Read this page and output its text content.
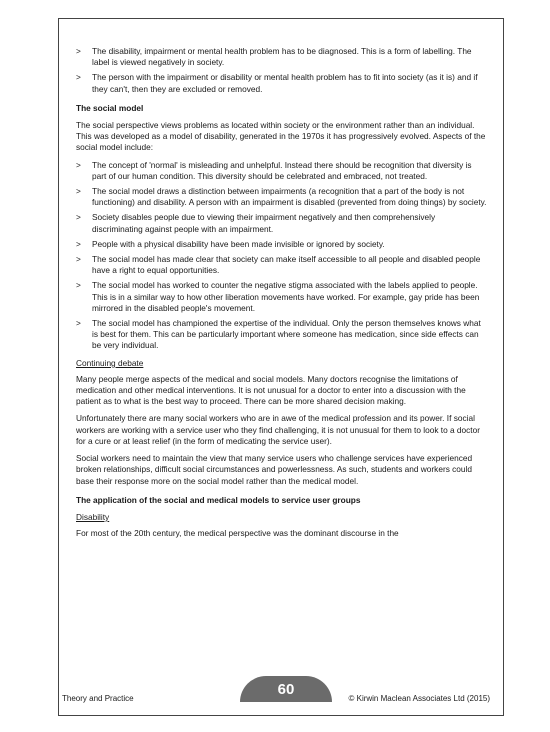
> The disability, impairment or mental health problem has to be diagnosed. This is a form of labelling. The label is viewed negatively in society.
> The person with the impairment or disability or mental health problem has to fit into society (as it is) and if they can't, then they are excluded or removed.
The social model
The social perspective views problems as located within society or the environment rather than an individual. This was developed as a model of disability, generated in the 1970s it has progressively evolved. Aspects of the social model include:
> The concept of 'normal' is misleading and unhelpful. Instead there should be recognition that diversity is part of our human condition. This diversity should be celebrated and embraced, not treated.
> The social model draws a distinction between impairments (a recognition that a part of the body is not functioning) and disability. A person with an impairment is disabled (prevented from doing things) by society.
> Society disables people due to viewing their impairment negatively and then comprehensively discriminating against people with an impairment.
> People with a physical disability have been made invisible or ignored by society.
> The social model has made clear that society can make itself accessible to all people and disabled people have a right to equal opportunities.
> The social model has worked to counter the negative stigma associated with the labels applied to people. This is in a similar way to how other liberation movements have worked. For example, gay pride has been mirrored in the disabled people's movement.
> The social model has championed the expertise of the individual. Only the person themselves knows what is best for them. This can be particularly important where someone has medication, since side effects can be very individual.
Continuing debate
Many people merge aspects of the medical and social models. Many doctors recognise the limitations of medication and other medical interventions. It is not unusual for a doctor to enter into a discussion with the patient as to what is the best way to proceed. There can be more shared decision making.
Unfortunately there are many social workers who are in awe of the medical profession and its power. If social workers are working with a service user who they find challenging, it is not unusual for them to look to a doctor for a cure or at least relief (in the form of medicating the service user).
Social workers need to maintain the view that many service users who challenge services have experienced broken relationships, difficult social circumstances and powerlessness. As such, students and workers could base their response more on the social model rather than the medical model.
The application of the social and medical models to service user groups
Disability
For most of the 20th century, the medical perspective was the dominant discourse in the
Theory and Practice
60
© Kirwin Maclean Associates Ltd (2015)
